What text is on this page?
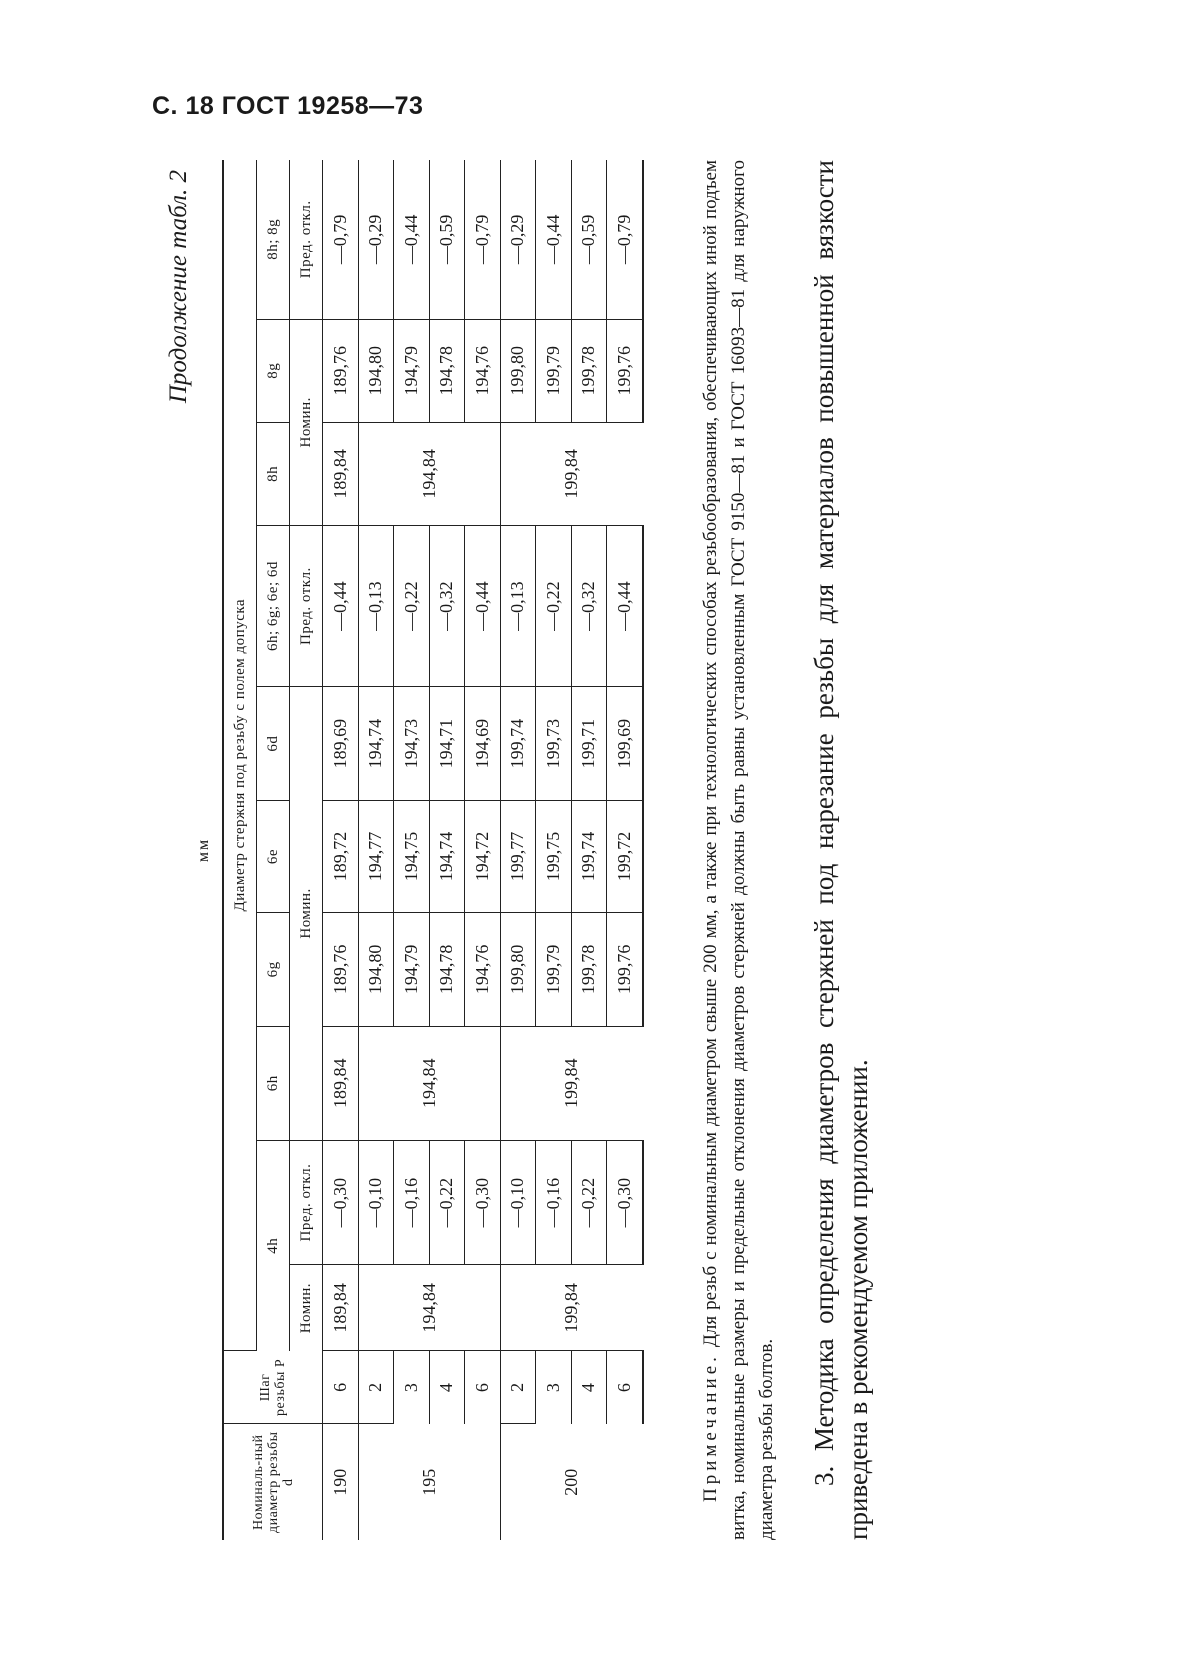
С. 18 ГОСТ 19258—73
Продолжение табл. 2
мм
Номиналь-ный диаметр резьбы d	Шаг резьбы P	Диаметр стержня под резьбу с полем допуска									
		4h		6h	6g	6e	6d	6h; 6g; 6e; 6d	8h	8g	8h; 8g
		Номин.	Пред. откл.	Номин.				Пред. откл.	Номин.		Пред. откл.
190	6	189,84	—0,30	189,84	189,76	189,72	189,69	—0,44	189,84	189,76	—0,79
195	2	194,84	—0,10	194,84	194,80	194,77	194,74	—0,13	194,84	194,80	—0,29
	3		—0,16		194,79	194,75	194,73	—0,22		194,79	—0,44
	4		—0,22		194,78	194,74	194,71	—0,32		194,78	—0,59
	6		—0,30		194,76	194,72	194,69	—0,44		194,76	—0,79
200	2	199,84	—0,10	199,84	199,80	199,77	199,74	—0,13	199,84	199,80	—0,29
	3		—0,16		199,79	199,75	199,73	—0,22		199,79	—0,44
	4		—0,22		199,78	199,74	199,71	—0,32		199,78	—0,59
	6		—0,30		199,76	199,72	199,69	—0,44		199,76	—0,79

  Примечание. Для резьб с номинальным диаметром свыше 200 мм, а также при технологических способах резьбообразования, обеспечивающих иной подъем витка, номинальные размеры и предельные отклонения диаметров стержней должны быть равны установленным ГОСТ 9150—81 и ГОСТ 16093—81 для наружного диаметра резьбы болтов.

   3. Методика определения диаметров стержней под нарезание резьбы для материалов повышенной вязкости приведена в рекомендуемом приложении.
